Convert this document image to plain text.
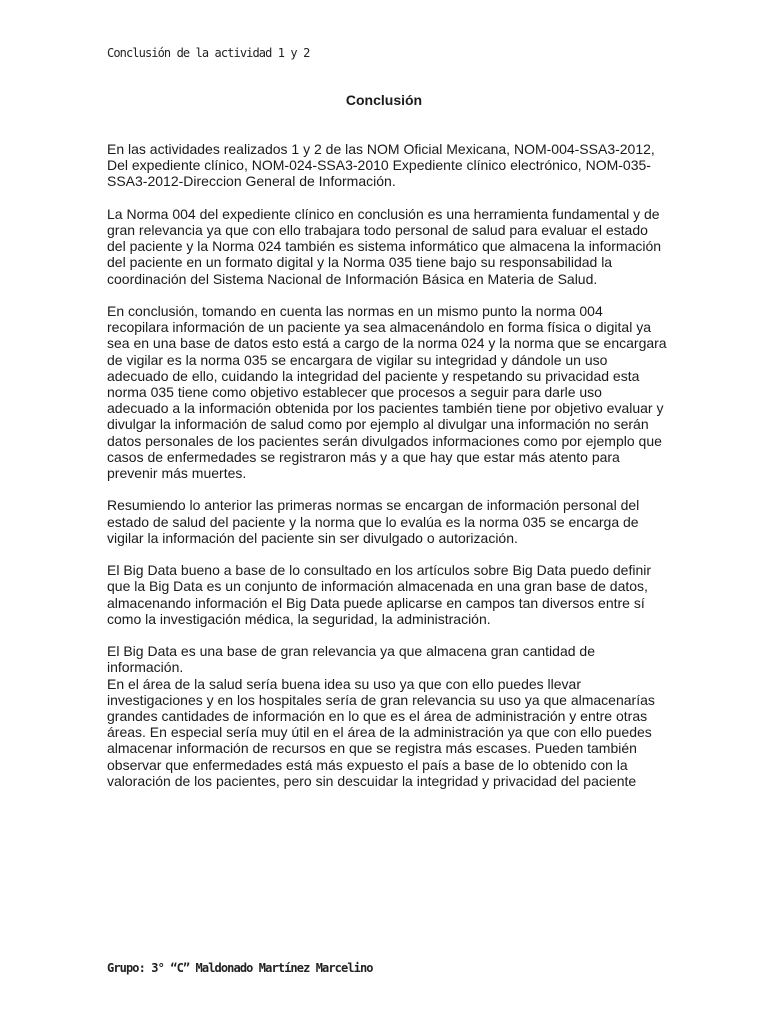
Conclusión de la actividad 1 y 2
Conclusión

En las actividades realizados 1 y 2 de las NOM Oficial Mexicana, NOM-004-SSA3-2012, Del expediente clínico, NOM-024-SSA3-2010 Expediente clínico electrónico, NOM-035-SSA3-2012-Direccion General de Información.

La Norma 004 del expediente clínico en conclusión es una herramienta fundamental y de gran relevancia ya que con ello trabajara todo personal de salud para evaluar el estado del paciente y la Norma 024 también es sistema informático que almacena la información del paciente en un formato digital y la Norma 035 tiene bajo su responsabilidad la coordinación del Sistema Nacional de Información Básica en Materia de Salud.

En conclusión, tomando en cuenta las normas en un mismo punto la norma 004 recopilara información de un paciente ya sea almacenándolo en forma física o digital ya sea en una base de datos esto está a cargo de la norma 024 y la norma que se encargara de vigilar es la norma 035 se encargara de vigilar su integridad y dándole un uso adecuado de ello, cuidando la integridad del paciente y respetando su privacidad esta norma 035 tiene como objetivo establecer que procesos a seguir para darle uso adecuado a la información obtenida por los pacientes también tiene por objetivo evaluar y divulgar la información de salud como por ejemplo al divulgar una información no serán datos personales de los pacientes serán divulgados informaciones como por ejemplo que casos de enfermedades se registraron más y a que hay que estar más atento para prevenir más muertes.

Resumiendo lo anterior las primeras normas se encargan de información personal del estado de salud del paciente y la norma que lo evalúa es la norma 035 se encarga de vigilar la información del paciente sin ser divulgado o autorización.

El Big Data bueno a base de lo consultado en los artículos sobre Big Data puedo definir que la Big Data es un conjunto de información almacenada en una gran base de datos, almacenando información el Big Data puede aplicarse en campos tan diversos entre sí como la investigación médica, la seguridad, la administración.

El Big Data es una base de gran relevancia ya que almacena gran cantidad de información.

En el área de la salud sería buena idea su uso ya que con ello puedes llevar investigaciones y en los hospitales sería de gran relevancia su uso ya que almacenarías grandes cantidades de información en lo que es el área de administración y entre otras áreas. En especial sería muy útil en el área de la administración ya que con ello puedes almacenar información de recursos en que se registra más escases. Pueden también observar que enfermedades está más expuesto el país a base de lo obtenido con la valoración de los pacientes, pero sin descuidar la integridad y privacidad del paciente

Grupo: 3° “C” Maldonado Martínez Marcelino
